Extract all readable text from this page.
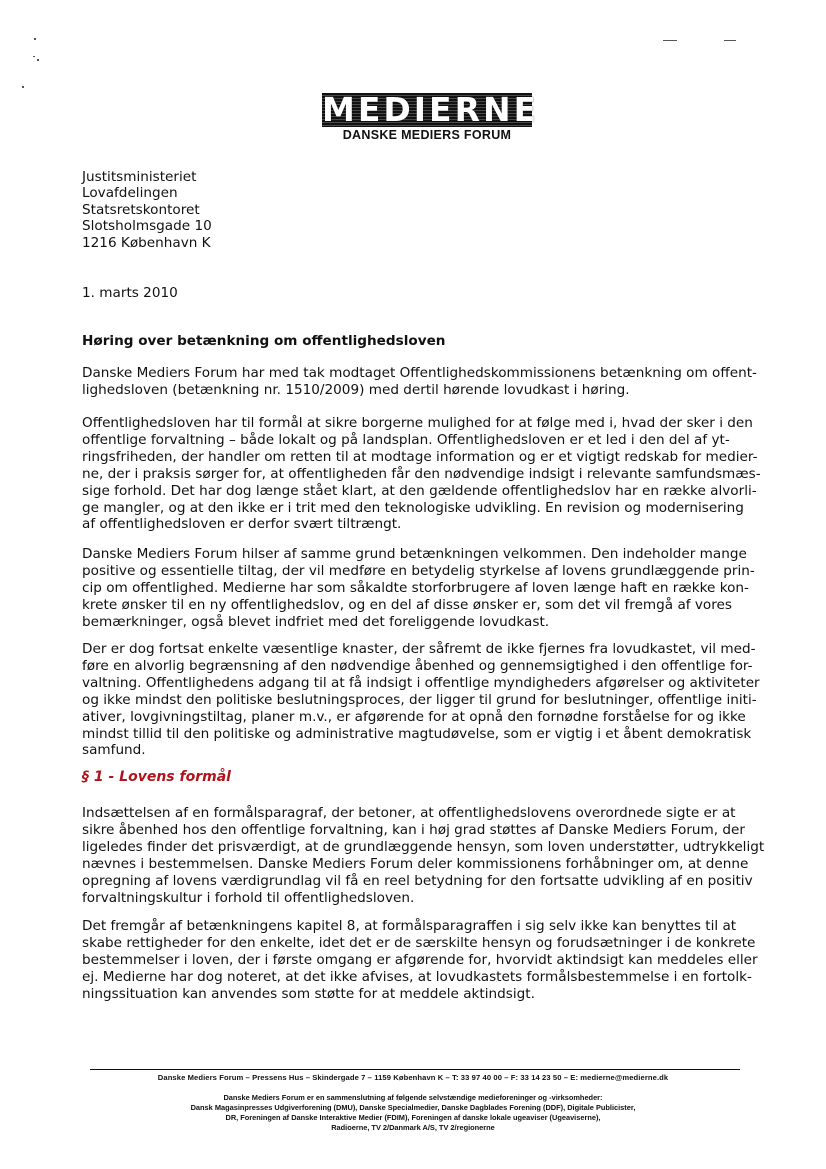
MEDIERNE
DANSKE MEDIERS FORUM
Justitsministeriet
Lovafdelingen
Statsretskontoret
Slotsholmsgade 10
1216 København K
1. marts 2010
Høring over betænkning om offentlighedsloven
Danske Mediers Forum har med tak modtaget Offentlighedskommissionens betænkning om offent-
lighedsloven (betænkning nr. 1510/2009) med dertil hørende lovudkast i høring.
Offentlighedsloven har til formål at sikre borgerne mulighed for at følge med i, hvad der sker i den
offentlige forvaltning – både lokalt og på landsplan. Offentlighedsloven er et led i den del af yt-
ringsfriheden, der handler om retten til at modtage information og er et vigtigt redskab for medier-
ne, der i praksis sørger for, at offentligheden får den nødvendige indsigt i relevante samfundsmæs-
sige forhold. Det har dog længe stået klart, at den gældende offentlighedslov har en række alvorli-
ge mangler, og at den ikke er i trit med den teknologiske udvikling. En revision og modernisering
af offentlighedsloven er derfor svært tiltrængt.
Danske Mediers Forum hilser af samme grund betænkningen velkommen. Den indeholder mange
positive og essentielle tiltag, der vil medføre en betydelig styrkelse af lovens grundlæggende prin-
cip om offentlighed. Medierne har som såkaldte storforbrugere af loven længe haft en række kon-
krete ønsker til en ny offentlighedslov, og en del af disse ønsker er, som det vil fremgå af vores
bemærkninger, også blevet indfriet med det foreliggende lovudkast.
Der er dog fortsat enkelte væsentlige knaster, der såfremt de ikke fjernes fra lovudkastet, vil med-
føre en alvorlig begrænsning af den nødvendige åbenhed og gennemsigtighed i den offentlige for-
valtning. Offentlighedens adgang til at få indsigt i offentlige myndigheders afgørelser og aktiviteter
og ikke mindst den politiske beslutningsproces, der ligger til grund for beslutninger, offentlige initi-
ativer, lovgivningstiltag, planer m.v., er afgørende for at opnå den fornødne forståelse for og ikke
mindst tillid til den politiske og administrative magtudøvelse, som er vigtig i et åbent demokratisk
samfund.
§ 1 - Lovens formål
Indsættelsen af en formålsparagraf, der betoner, at offentlighedslovens overordnede sigte er at
sikre åbenhed hos den offentlige forvaltning, kan i høj grad støttes af Danske Mediers Forum, der
ligeledes finder det prisværdigt, at de grundlæggende hensyn, som loven understøtter, udtrykkeligt
nævnes i bestemmelsen. Danske Mediers Forum deler kommissionens forhåbninger om, at denne
opregning af lovens værdigrundlag vil få en reel betydning for den fortsatte udvikling af en positiv
forvaltningskultur i forhold til offentlighedsloven.
Det fremgår af betænkningens kapitel 8, at formålsparagraffen i sig selv ikke kan benyttes til at
skabe rettigheder for den enkelte, idet det er de særskilte hensyn og forudsætninger i de konkrete
bestemmelser i loven, der i første omgang er afgørende for, hvorvidt aktindsigt kan meddeles eller
ej. Medierne har dog noteret, at det ikke afvises, at lovudkastets formålsbestemmelse i en fortolk-
ningssituation kan anvendes som støtte for at meddele aktindsigt.
Danske Mediers Forum – Pressens Hus – Skindergade 7 – 1159 København K – T: 33 97 40 00 – F: 33 14 23 50 – E: medierne@medierne.dk
Danske Mediers Forum er en sammenslutning af følgende selvstændige medieforeninger og -virksomheder:
Dansk Magasinpresses Udgiverforening (DMU), Danske Specialmedier, Danske Dagblades Forening (DDF), Digitale Publicister,
DR, Foreningen af Danske Interaktive Medier (FDIM), Foreningen af danske lokale ugeaviser (Ugeaviserne),
Radioerne, TV 2/Danmark A/S, TV 2/regionerne
